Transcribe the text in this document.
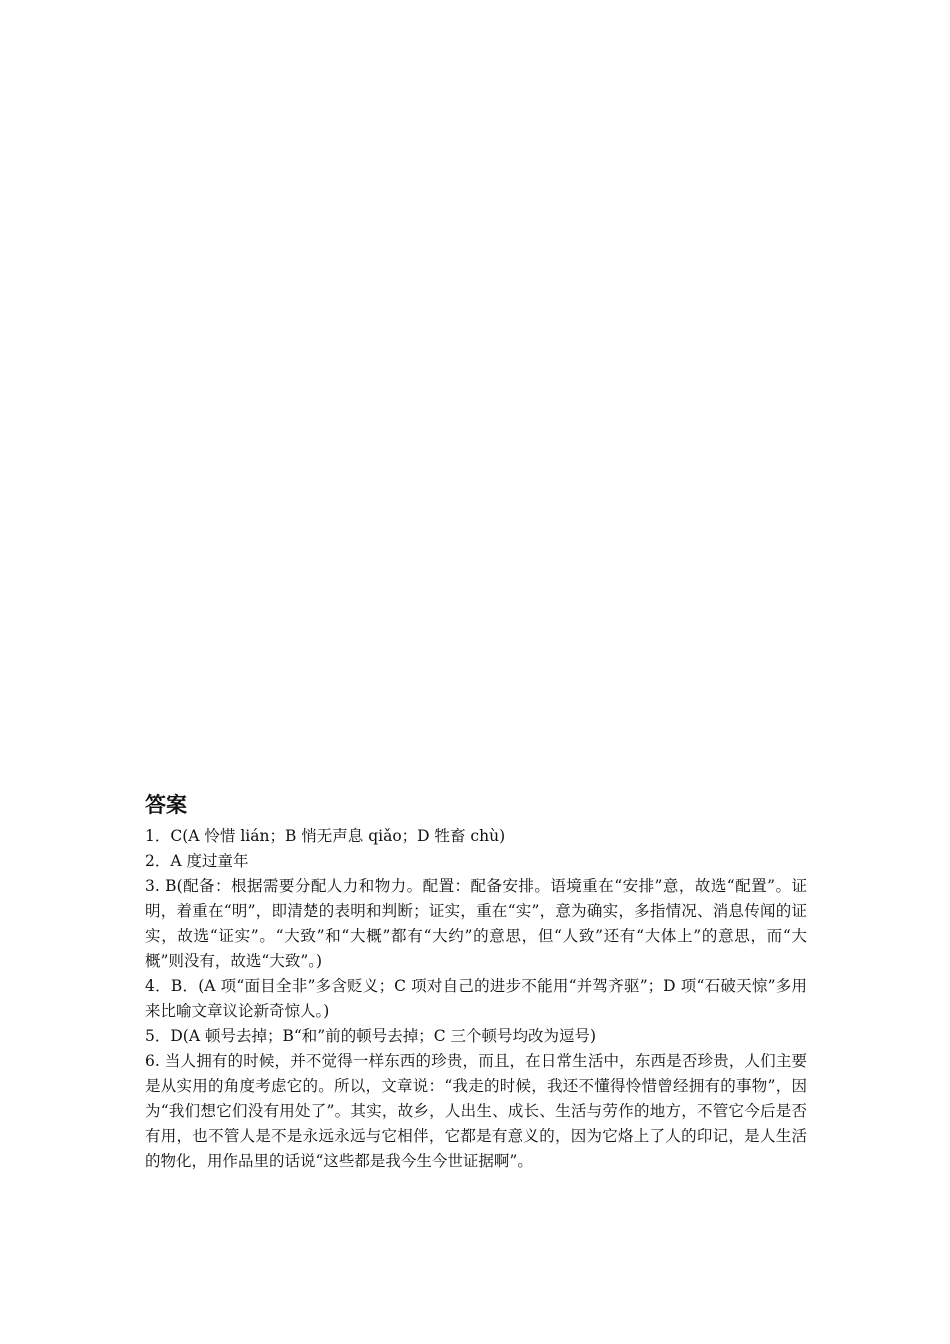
答案

1．C(A 怜惜 lián；B 悄无声息 qiǎo；D 牲畜 chù)

2．A 度过童年

3. B(配备：根据需要分配人力和物力。配置：配备安排。语境重在“安排”意，故选“配置”。证明，着重在“明”，即清楚的表明和判断；证实，重在“实”，意为确实，多指情况、消息传闻的证实，故选“证实”。“大致”和“大概”都有“大约”的意思，但“人致”还有“大体上”的意思，而“大概”则没有，故选“大致”。)

4．B．(A 项“面目全非”多含贬义；C 项对自己的进步不能用“并驾齐驱”；D 项“石破天惊”多用来比喻文章议论新奇惊人。)

5．D(A 顿号去掉；B“和”前的顿号去掉；C 三个顿号均改为逗号)

6. 当人拥有的时候，并不觉得一样东西的珍贵，而且，在日常生活中，东西是否珍贵，人们主要是从实用的角度考虑它的。所以，文章说：“我走的时候，我还不懂得怜惜曾经拥有的事物”，因为“我们想它们没有用处了”。其实，故乡，人出生、成长、生活与劳作的地方，不管它今后是否有用，也不管人是不是永远永远与它相伴，它都是有意义的，因为它烙上了人的印记，是人生活的物化，用作品里的话说“这些都是我今生今世证据啊”。
